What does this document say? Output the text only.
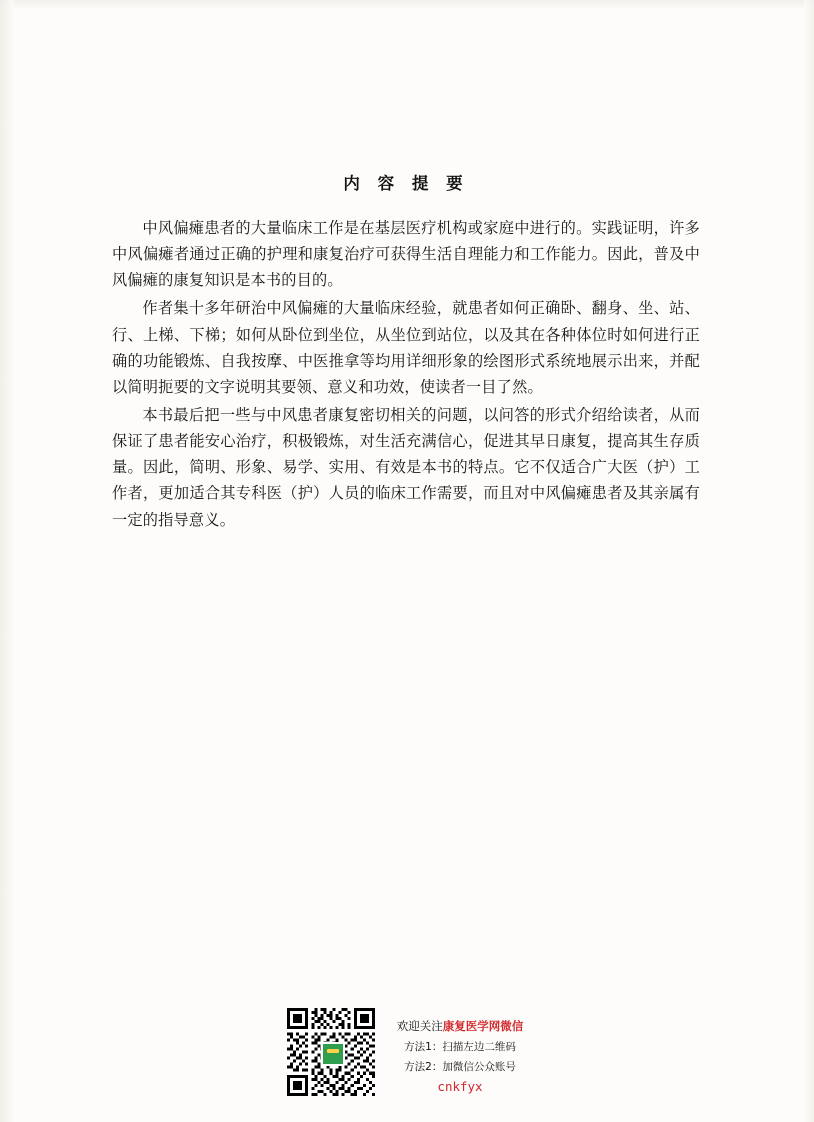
内 容 提 要

中风偏瘫患者的大量临床工作是在基层医疗机构或家庭中进行的。实践证明，许多中风偏瘫者通过正确的护理和康复治疗可获得生活自理能力和工作能力。因此，普及中风偏瘫的康复知识是本书的目的。

作者集十多年研治中风偏瘫的大量临床经验，就患者如何正确卧、翻身、坐、站、行、上梯、下梯；如何从卧位到坐位，从坐位到站位，以及其在各种体位时如何进行正确的功能锻炼、自我按摩、中医推拿等均用详细形象的绘图形式系统地展示出来，并配以简明扼要的文字说明其要领、意义和功效，使读者一目了然。

本书最后把一些与中风患者康复密切相关的问题，以问答的形式介绍给读者，从而保证了患者能安心治疗，积极锻炼，对生活充满信心，促进其早日康复，提高其生存质量。因此，简明、形象、易学、实用、有效是本书的特点。它不仅适合广大医（护）工作者，更加适合其专科医（护）人员的临床工作需要，而且对中风偏瘫患者及其亲属有一定的指导意义。

欢迎关注康复医学网微信
方法1：扫描左边二维码
方法2：加微信公众账号
cnkfyx
